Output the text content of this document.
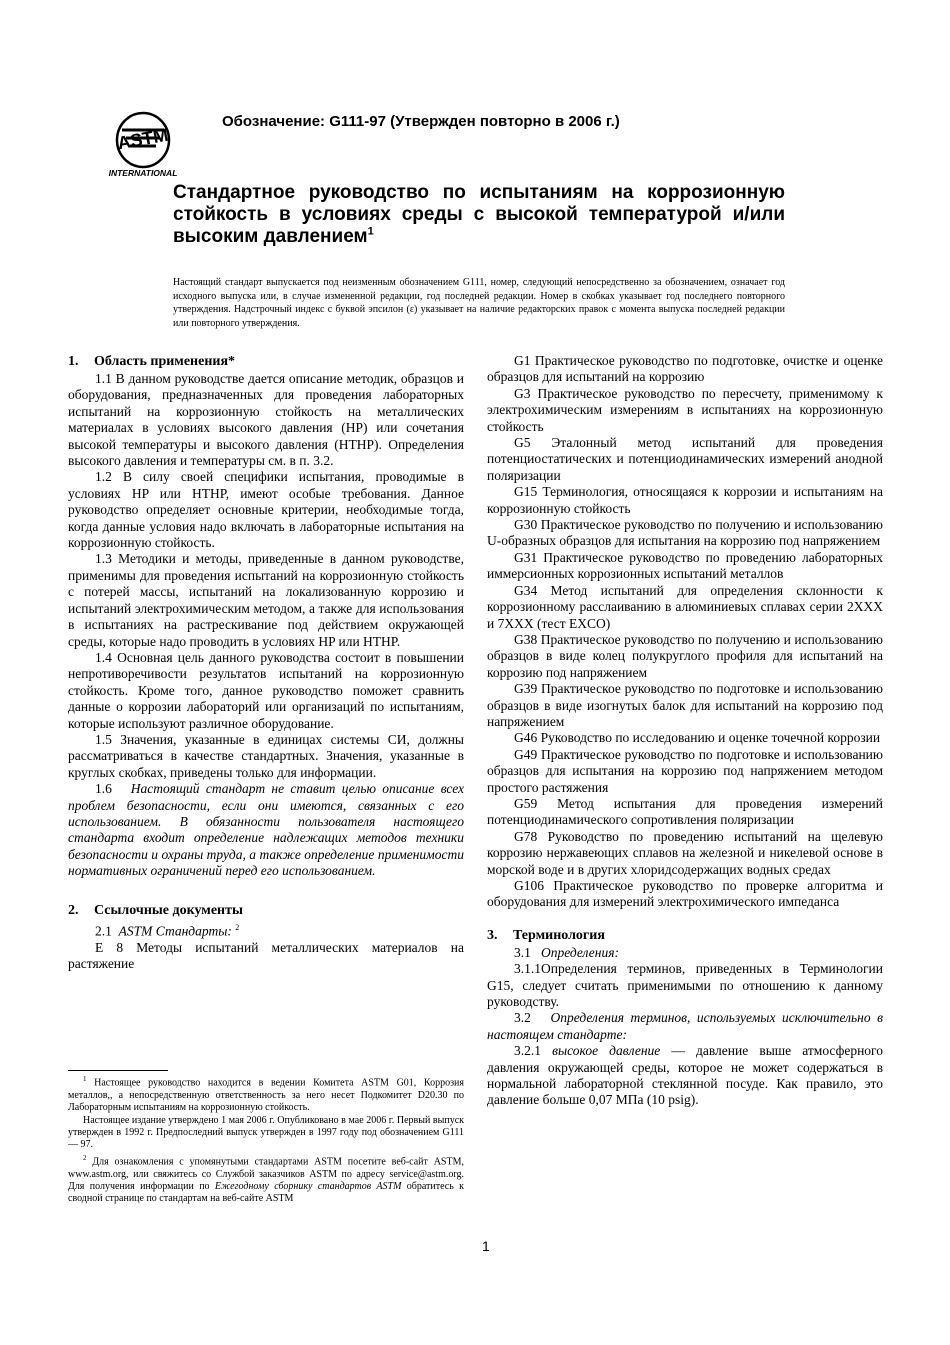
ASTM
INTERNATIONAL
Обозначение: G111-97 (Утвержден повторно в 2006 г.)
Стандартное руководство по испытаниям на коррозионную стойкость в условиях среды с высокой температурой и/или высоким давлением$^1$
Настоящий стандарт выпускается под неизменным обозначением G111, номер, следующий непосредственно за обозначением, означает год исходного выпуска или, в случае измененной редакции, год последней редакции. Номер в скобках указывает год последнего повторного утверждения. Надстрочный индекс с буквой эпсилон (ε) указывает на наличие редакторских правок с момента выпуска последней редакции или повторного утверждения.
1. Область применения*

1.1 В данном руководстве дается описание методик, образцов и оборудования, предназначенных для проведения лабораторных испытаний на коррозионную стойкость на металлических материалах в условиях высокого давления (HP) или сочетания высокой температуры и высокого давления (HTHP). Определения высокого давления и температуры см. в п. 3.2.

1.2 В силу своей специфики испытания, проводимые в условиях HP или HTHP, имеют особые требования. Данное руководство определяет основные критерии, необходимые тогда, когда данные условия надо включать в лабораторные испытания на коррозионную стойкость.

1.3 Методики и методы, приведенные в данном руководстве, применимы для проведения испытаний на коррозионную стойкость с потерей массы, испытаний на локализованную коррозию и испытаний электрохимическим методом, а также для использования в испытаниях на растрескивание под действием окружающей среды, которые надо проводить в условиях HP или HTHP.

1.4 Основная цель данного руководства состоит в повышении непротиворечивости результатов испытаний на коррозионную стойкость. Кроме того, данное руководство поможет сравнить данные о коррозии лабораторий или организаций по испытаниям, которые используют различное оборудование.

1.5 Значения, указанные в единицах системы СИ, должны рассматриваться в качестве стандартных. Значения, указанные в круглых скобках, приведены только для информации.

1.6 Настоящий стандарт не ставит целью описание всех проблем безопасности, если они имеются, связанных с его использованием. В обязанности пользователя настоящего стандарта входит определение надлежащих методов техники безопасности и охраны труда, а также определение применимости нормативных ограничений перед его использованием.

2. Ссылочные документы

2.1 ASTM Стандарты: $^2$

E 8 Методы испытаний металлических материалов на растяжение

$^1$ Настоящее руководство находится в ведении Комитета ASTM G01, Коррозия металлов,, а непосредственную ответственность за него несет Подкомитет D20.30 по Лабораторным испытаниям на коррозионную стойкость.

Настоящее издание утверждено 1 мая 2006 г. Опубликовано в мае 2006 г. Первый выпуск утвержден в 1992 г. Предпоследний выпуск утвержден в 1997 году под обозначением G111 — 97.

$^2$ Для ознакомления с упомянутыми стандартами ASTM посетите веб-сайт ASTM, www.astm.org, или свяжитесь со Службой заказчиков ASTM по адресу service@astm.org. Для получения информации по Ежегодному сборнику стандартов ASTM обратитесь к сводной странице по стандартам на веб-сайте ASTM

G1 Практическое руководство по подготовке, очистке и оценке образцов для испытаний на коррозию

G3 Практическое руководство по пересчету, применимому к электрохимическим измерениям в испытаниях на коррозионную стойкость

G5 Эталонный метод испытаний для проведения потенциостатических и потенциодинамических измерений анодной поляризации

G15 Терминология, относящаяся к коррозии и испытаниям на коррозионную стойкость

G30 Практическое руководство по получению и использованию U-образных образцов для испытания на коррозию под напряжением

G31 Практическое руководство по проведению лабораторных иммерсионных коррозионных испытаний металлов

G34 Метод испытаний для определения склонности к коррозионному расслаиванию в алюминиевых сплавах серии 2XXX и 7XXX (тест EXCO)

G38 Практическое руководство по получению и использованию образцов в виде колец полукруглого профиля для испытаний на коррозию под напряжением

G39 Практическое руководство по подготовке и использованию образцов в виде изогнутых балок для испытаний на коррозию под напряжением

G46 Руководство по исследованию и оценке точечной коррозии

G49 Практическое руководство по подготовке и использованию образцов для испытания на коррозию под напряжением методом простого растяжения

G59 Метод испытания для проведения измерений потенциодинамического сопротивления поляризации

G78 Руководство по проведению испытаний на щелевую коррозию нержавеющих сплавов на железной и никелевой основе в морской воде и в других хлоридсодержащих водных средах

G106 Практическое руководство по проверке алгоритма и оборудования для измерений электрохимического импеданса

3. Терминология

3.1 Определения:

3.1.1Определения терминов, приведенных в Терминологии G15, следует считать применимыми по отношению к данному руководству.

3.2 Определения терминов, используемых исключительно в настоящем стандарте:

3.2.1 высокое давление — давление выше атмосферного давления окружающей среды, которое не может содержаться в нормальной лабораторной стеклянной посуде. Как правило, это давление больше 0,07 МПа (10 psig).

1
